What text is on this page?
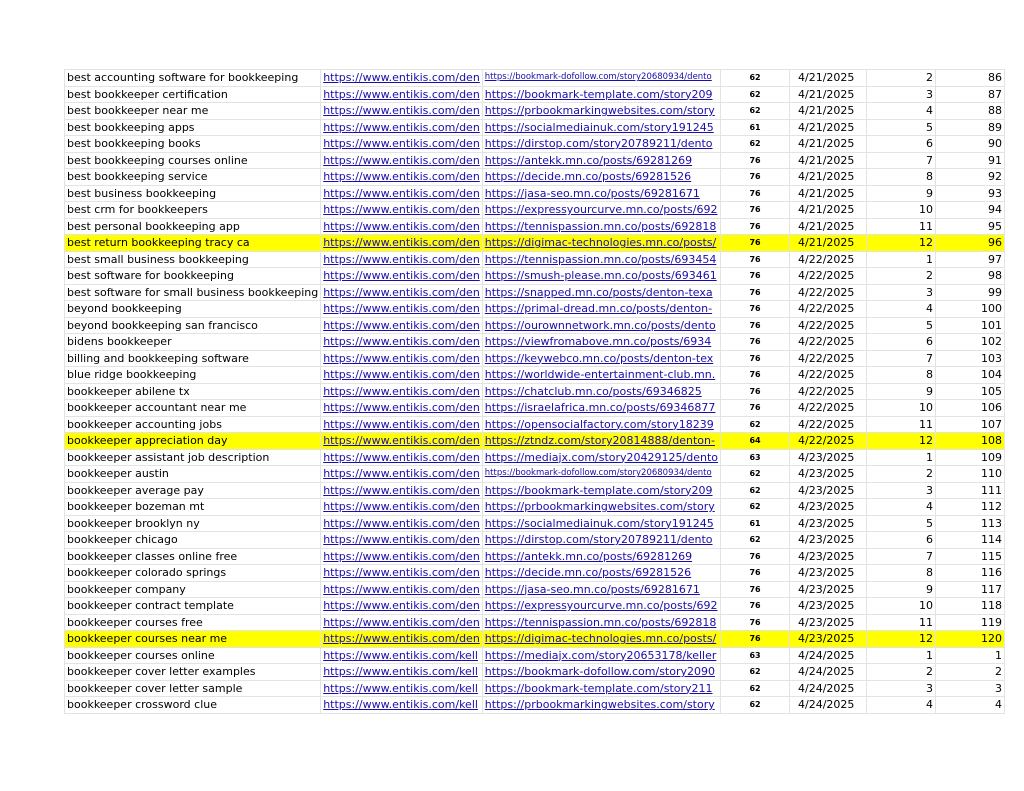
best accounting software for bookkeeping	https://www.entikis.com/den	https://bookmark-dofollow.com/story20680934/dento	62	4/21/2025	2	86
best bookkeeper certification	https://www.entikis.com/den	https://bookmark-template.com/story209	62	4/21/2025	3	87
best bookkeeper near me	https://www.entikis.com/den	https://prbookmarkingwebsites.com/story	62	4/21/2025	4	88
best bookkeeping apps	https://www.entikis.com/den	https://socialmediainuk.com/story191245	61	4/21/2025	5	89
best bookkeeping books	https://www.entikis.com/den	https://dirstop.com/story20789211/dento	62	4/21/2025	6	90
best bookkeeping courses online	https://www.entikis.com/den	https://antekk.mn.co/posts/69281269	76	4/21/2025	7	91
best bookkeeping service	https://www.entikis.com/den	https://decide.mn.co/posts/69281526	76	4/21/2025	8	92
best business bookkeeping	https://www.entikis.com/den	https://jasa-seo.mn.co/posts/69281671	76	4/21/2025	9	93
best crm for bookkeepers	https://www.entikis.com/den	https://expressyourcurve.mn.co/posts/692	76	4/21/2025	10	94
best personal bookkeeping app	https://www.entikis.com/den	https://tennispassion.mn.co/posts/692818	76	4/21/2025	11	95
best return bookkeeping tracy ca	https://www.entikis.com/den	https://digimac-technologies.mn.co/posts/	76	4/21/2025	12	96
best small business bookkeeping	https://www.entikis.com/den	https://tennispassion.mn.co/posts/693454	76	4/22/2025	1	97
best software for bookkeeping	https://www.entikis.com/den	https://smush-please.mn.co/posts/693461	76	4/22/2025	2	98
best software for small business bookkeeping	https://www.entikis.com/den	https://snapped.mn.co/posts/denton-texa	76	4/22/2025	3	99
beyond bookkeeping	https://www.entikis.com/den	https://primal-dread.mn.co/posts/denton-	76	4/22/2025	4	100
beyond bookkeeping san francisco	https://www.entikis.com/den	https://ourownnetwork.mn.co/posts/dento	76	4/22/2025	5	101
bidens bookkeeper	https://www.entikis.com/den	https://viewfromabove.mn.co/posts/6934	76	4/22/2025	6	102
billing and bookkeeping software	https://www.entikis.com/den	https://keywebco.mn.co/posts/denton-tex	76	4/22/2025	7	103
blue ridge bookkeeping	https://www.entikis.com/den	https://worldwide-entertainment-club.mn.	76	4/22/2025	8	104
bookkeeper abilene tx	https://www.entikis.com/den	https://chatclub.mn.co/posts/69346825	76	4/22/2025	9	105
bookkeeper accountant near me	https://www.entikis.com/den	https://israelafrica.mn.co/posts/69346877	76	4/22/2025	10	106
bookkeeper accounting jobs	https://www.entikis.com/den	https://opensocialfactory.com/story18239	62	4/22/2025	11	107
bookkeeper appreciation day	https://www.entikis.com/den	https://ztndz.com/story20814888/denton-	64	4/22/2025	12	108
bookkeeper assistant job description	https://www.entikis.com/den	https://mediajx.com/story20429125/dento	63	4/23/2025	1	109
bookkeeper austin	https://www.entikis.com/den	https://bookmark-dofollow.com/story20680934/dento	62	4/23/2025	2	110
bookkeeper average pay	https://www.entikis.com/den	https://bookmark-template.com/story209	62	4/23/2025	3	111
bookkeeper bozeman mt	https://www.entikis.com/den	https://prbookmarkingwebsites.com/story	62	4/23/2025	4	112
bookkeeper brooklyn ny	https://www.entikis.com/den	https://socialmediainuk.com/story191245	61	4/23/2025	5	113
bookkeeper chicago	https://www.entikis.com/den	https://dirstop.com/story20789211/dento	62	4/23/2025	6	114
bookkeeper classes online free	https://www.entikis.com/den	https://antekk.mn.co/posts/69281269	76	4/23/2025	7	115
bookkeeper colorado springs	https://www.entikis.com/den	https://decide.mn.co/posts/69281526	76	4/23/2025	8	116
bookkeeper company	https://www.entikis.com/den	https://jasa-seo.mn.co/posts/69281671	76	4/23/2025	9	117
bookkeeper contract template	https://www.entikis.com/den	https://expressyourcurve.mn.co/posts/692	76	4/23/2025	10	118
bookkeeper courses free	https://www.entikis.com/den	https://tennispassion.mn.co/posts/692818	76	4/23/2025	11	119
bookkeeper courses near me	https://www.entikis.com/den	https://digimac-technologies.mn.co/posts/	76	4/23/2025	12	120
bookkeeper courses online	https://www.entikis.com/kell	https://mediajx.com/story20653178/keller	63	4/24/2025	1	1
bookkeeper cover letter examples	https://www.entikis.com/kell	https://bookmark-dofollow.com/story2090	62	4/24/2025	2	2
bookkeeper cover letter sample	https://www.entikis.com/kell	https://bookmark-template.com/story211	62	4/24/2025	3	3
bookkeeper crossword clue	https://www.entikis.com/kell	https://prbookmarkingwebsites.com/story	62	4/24/2025	4	4
